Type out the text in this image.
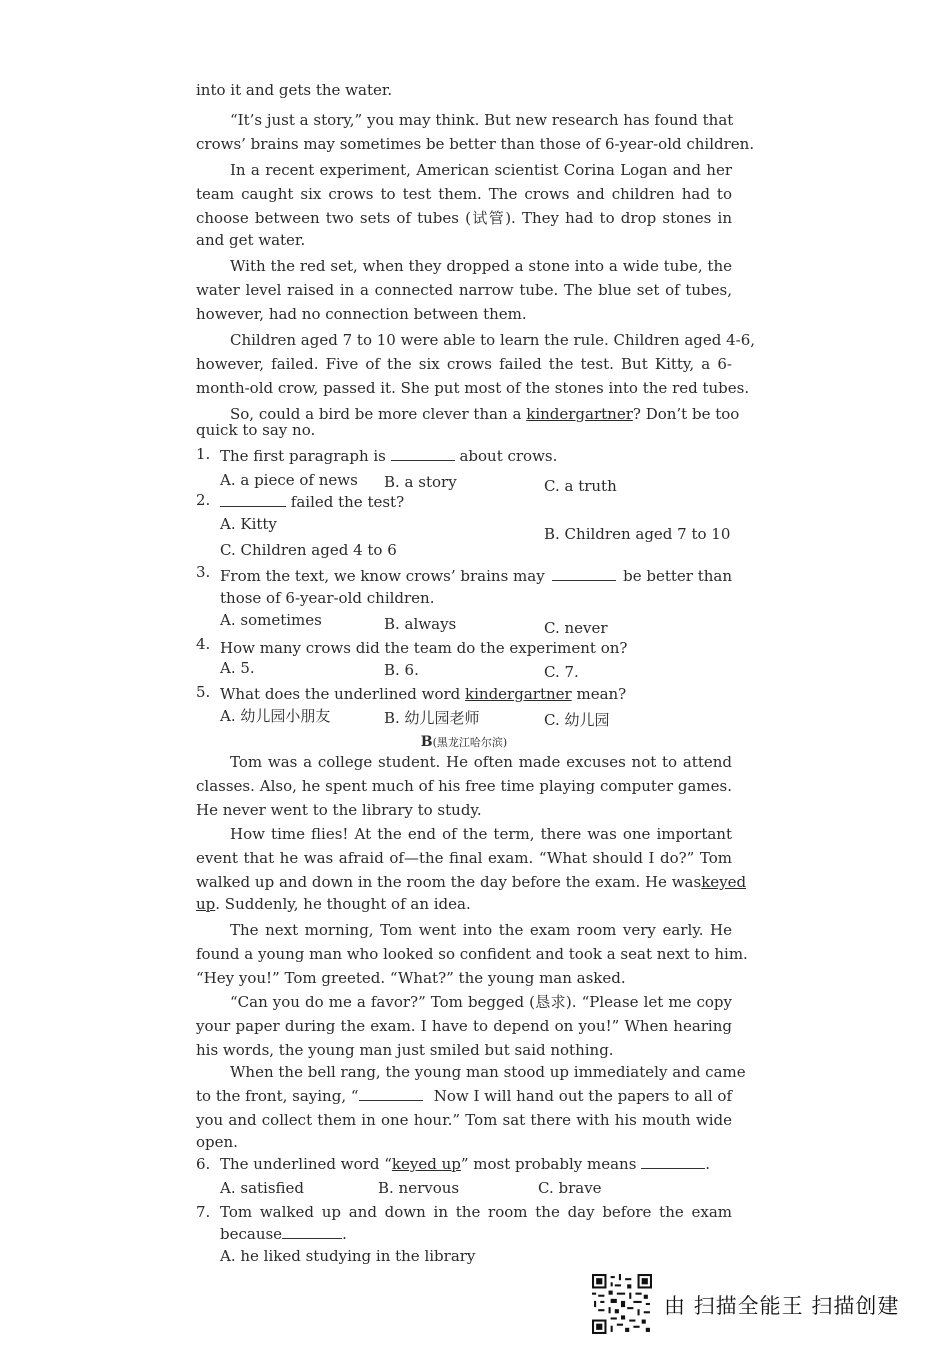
into it and gets the water.
“It’s just a story,” you may think. But new research has found that
crows’ brains may sometimes be better than those of 6-year-old children.
In a recent experiment, American scientist Corina Logan and her
team caught six crows to test them. The crows and children had to
choose between two sets of tubes (试管). They had to drop stones in
and get water.
With the red set, when they dropped a stone into a wide tube, the
water level raised in a connected narrow tube. The blue set of tubes,
however, had no connection between them.
Children aged 7 to 10 were able to learn the rule. Children aged 4-6,
however, failed. Five of the six crows failed the test. But Kitty, a 6-
month-old crow, passed it. She put most of the stones into the red tubes.
So, could a bird be more clever than a kindergartner? Don’t be too
quick to say no.
1. The first paragraph is	about crows.
A. a piece of news B. a story	C. a truth
2.	failed the test?
A. Kitty
B. Children aged 7 to 10
C. Children aged 4 to 6
3. From the text, we know crows’ brains may	be better than
those of 6-year-old children.
A. sometimes	B. always	C. never
4. How many crows did the team do the experiment on?
A. 5.	B. 6.	C. 7.
5. What does the underlined word kindergartner mean?
A. 幼儿园小朋友	B. 幼儿园老师	C. 幼儿园
B(黑龙江哈尔滨)
Tom was a college student. He often made excuses not to attend
classes. Also, he spent much of his free time playing computer games.
He never went to the library to study.
How time flies! At the end of the term, there was one important
event that he was afraid of—the final exam. “What should I do?” Tom
walked up and down in the room the day before the exam. He was keyed
up. Suddenly, he thought of an idea.
The next morning, Tom went into the exam room very early. He
found a young man who looked so confident and took a seat next to him.
“Hey you!” Tom greeted. “What?” the young man asked.
“Can you do me a favor?” Tom begged (恳求). “Please let me copy
your paper during the exam. I have to depend on you!” When hearing
his words, the young man just smiled but said nothing.
When the bell rang, the young man stood up immediately and came
to the front, saying, “	Now I will hand out the papers to all of
you and collect them in one hour.” Tom sat there with his mouth wide
open.
6. The underlined word “keyed up” most probably means	.
A. satisfied	B. nervous	C. brave
7. Tom walked up and down in the room the day before the exam
because	.
A. he liked studying in the library
由 扫描全能王 扫描创建
